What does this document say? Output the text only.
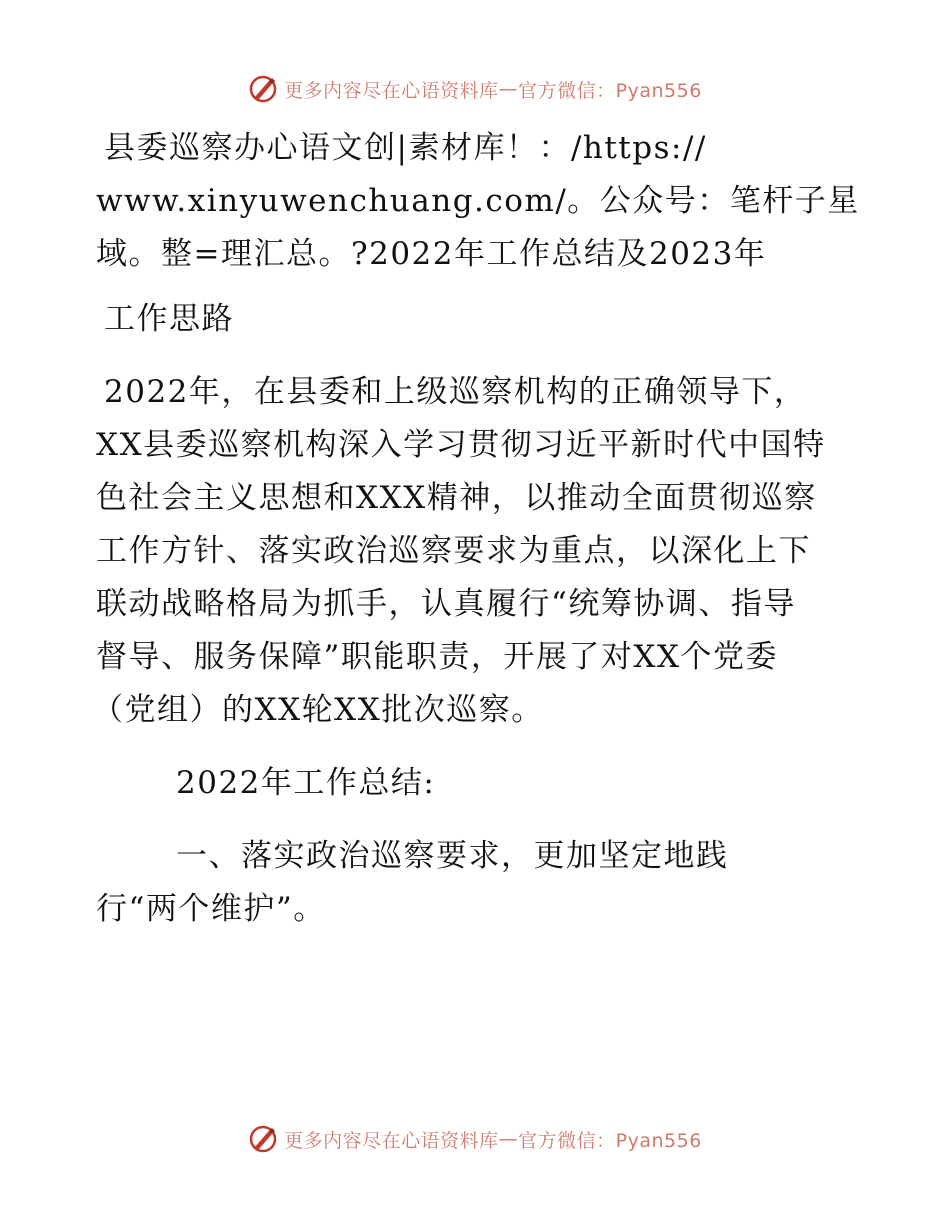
更多内容尽在心语资料库 — 官方微信：Pyan556
县委巡察办心语文创|素材库！：/https://
www.xinyuwenchuang.com/。公众号：笔杆子星
域。整=理汇总。?2022年工作总结及2023年
工作思路
2022年，在县委和上级巡察机构的正确领导下，
XX县委巡察机构深入学习贯彻习近平新时代中国特
色社会主义思想和XXX精神，以推动全面贯彻巡察
工作方针、落实政治巡察要求为重点，以深化上下
联动战略格局为抓手，认真履行“统筹协调、指导
督导、服务保障”职能职责，开展了对XX个党委
（党组）的XX轮XX批次巡察。
2022年工作总结:
一、落实政治巡察要求，更加坚定地践
行“两个维护”。
更多内容尽在心语资料库 — 官方微信：Pyan556
